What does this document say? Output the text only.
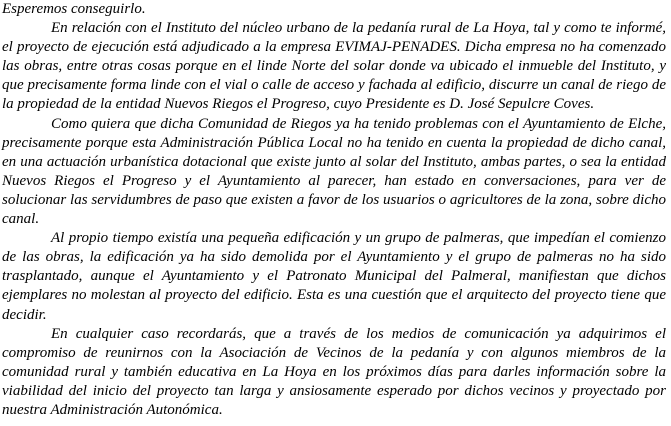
Esperemos conseguirlo.

En relación con el Instituto del núcleo urbano de la pedanía rural de La Hoya, tal y como te informé, el proyecto de ejecución está adjudicado a la empresa EVIMAJ-PENADES. Dicha empresa no ha comenzado las obras, entre otras cosas porque en el linde Norte del solar donde va ubicado el inmueble del Instituto, y que precisamente forma linde con el vial o calle de acceso y fachada al edificio, discurre un canal de riego de la propiedad de la entidad Nuevos Riegos el Progreso, cuyo Presidente es D. José Sepulcre Coves.

Como quiera que dicha Comunidad de Riegos ya ha tenido problemas con el Ayuntamiento de Elche, precisamente porque esta Administración Pública Local no ha tenido en cuenta la propiedad de dicho canal, en una actuación urbanística dotacional que existe junto al solar del Instituto, ambas partes, o sea la entidad Nuevos Riegos el Progreso y el Ayuntamiento al parecer, han estado en conversaciones, para ver de solucionar las servidumbres de paso que existen a favor de los usuarios o agricultores de la zona, sobre dicho canal.

Al propio tiempo existía una pequeña edificación y un grupo de palmeras, que impedían el comienzo de las obras, la edificación ya ha sido demolida por el Ayuntamiento y el grupo de palmeras no ha sido trasplantado, aunque el Ayuntamiento y el Patronato Municipal del Palmeral, manifiestan que dichos ejemplares no molestan al proyecto del edificio. Esta es una cuestión que el arquitecto del proyecto tiene que decidir.

En cualquier caso recordarás, que a través de los medios de comunicación ya adquirimos el compromiso de reunirnos con la Asociación de Vecinos de la pedanía y con algunos miembros de la comunidad rural y también educativa en La Hoya en los próximos días para darles información sobre la viabilidad del inicio del proyecto tan larga y ansiosamente esperado por dichos vecinos y proyectado por nuestra Administración Autonómica.
